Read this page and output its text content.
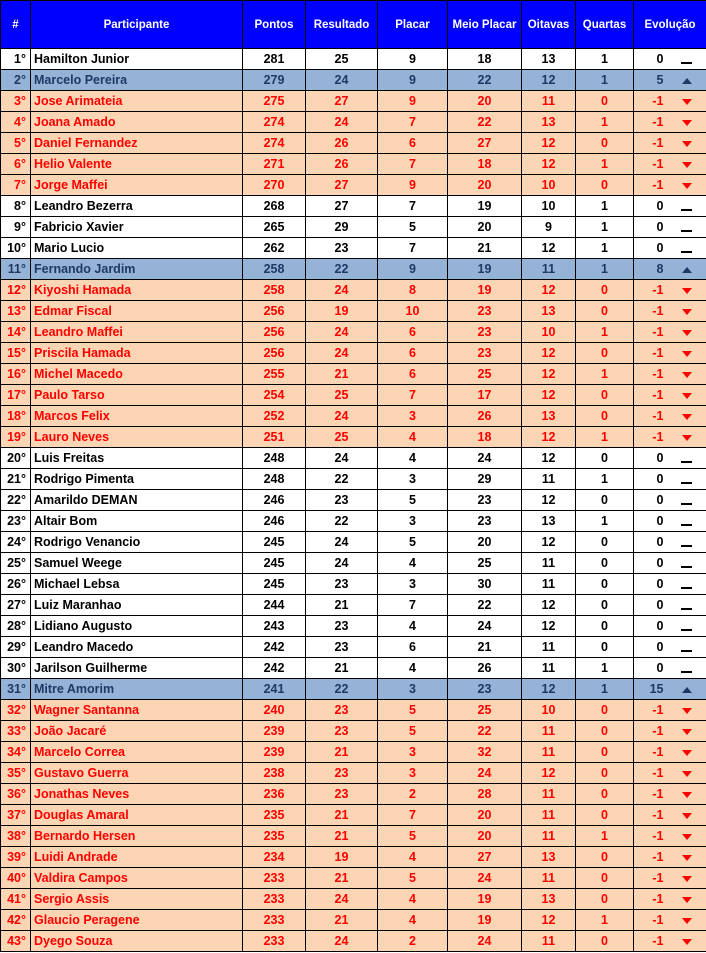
#	Participante	Pontos	Resultado	Placar	Meio Placar	Oitavas	Quartas	Evolução	
1°	Hamilton Junior	281	25	9	18	13	1	0	
2°	Marcelo Pereira	279	24	9	22	12	1	5	
3°	Jose Arimateia	275	27	9	20	11	0	-1	
4°	Joana Amado	274	24	7	22	13	1	-1	
5°	Daniel Fernandez	274	26	6	27	12	0	-1	
6°	Helio Valente	271	26	7	18	12	1	-1	
7°	Jorge Maffei	270	27	9	20	10	0	-1	
8°	Leandro Bezerra	268	27	7	19	10	1	0	
9°	Fabricio Xavier	265	29	5	20	9	1	0	
10°	Mario Lucio	262	23	7	21	12	1	0	
11°	Fernando Jardim	258	22	9	19	11	1	8	
12°	Kiyoshi Hamada	258	24	8	19	12	0	-1	
13°	Edmar Fiscal	256	19	10	23	13	0	-1	
14°	Leandro Maffei	256	24	6	23	10	1	-1	
15°	Priscila Hamada	256	24	6	23	12	0	-1	
16°	Michel Macedo	255	21	6	25	12	1	-1	
17°	Paulo Tarso	254	25	7	17	12	0	-1	
18°	Marcos Felix	252	24	3	26	13	0	-1	
19°	Lauro Neves	251	25	4	18	12	1	-1	
20°	Luis Freitas	248	24	4	24	12	0	0	
21°	Rodrigo Pimenta	248	22	3	29	11	1	0	
22°	Amarildo DEMAN	246	23	5	23	12	0	0	
23°	Altair Bom	246	22	3	23	13	1	0	
24°	Rodrigo Venancio	245	24	5	20	12	0	0	
25°	Samuel Weege	245	24	4	25	11	0	0	
26°	Michael Lebsa	245	23	3	30	11	0	0	
27°	Luiz Maranhao	244	21	7	22	12	0	0	
28°	Lidiano Augusto	243	23	4	24	12	0	0	
29°	Leandro Macedo	242	23	6	21	11	0	0	
30°	Jarilson Guilherme	242	21	4	26	11	1	0	
31°	Mitre Amorim	241	22	3	23	12	1	15	
32°	Wagner Santanna	240	23	5	25	10	0	-1	
33°	João Jacaré	239	23	5	22	11	0	-1	
34°	Marcelo Correa	239	21	3	32	11	0	-1	
35°	Gustavo Guerra	238	23	3	24	12	0	-1	
36°	Jonathas Neves	236	23	2	28	11	0	-1	
37°	Douglas Amaral	235	21	7	20	11	0	-1	
38°	Bernardo Hersen	235	21	5	20	11	1	-1	
39°	Luidi Andrade	234	19	4	27	13	0	-1	
40°	Valdira Campos	233	21	5	24	11	0	-1	
41°	Sergio Assis	233	24	4	19	13	0	-1	
42°	Glaucio Peragene	233	21	4	19	12	1	-1	
43°	Dyego Souza	233	24	2	24	11	0	-1	
